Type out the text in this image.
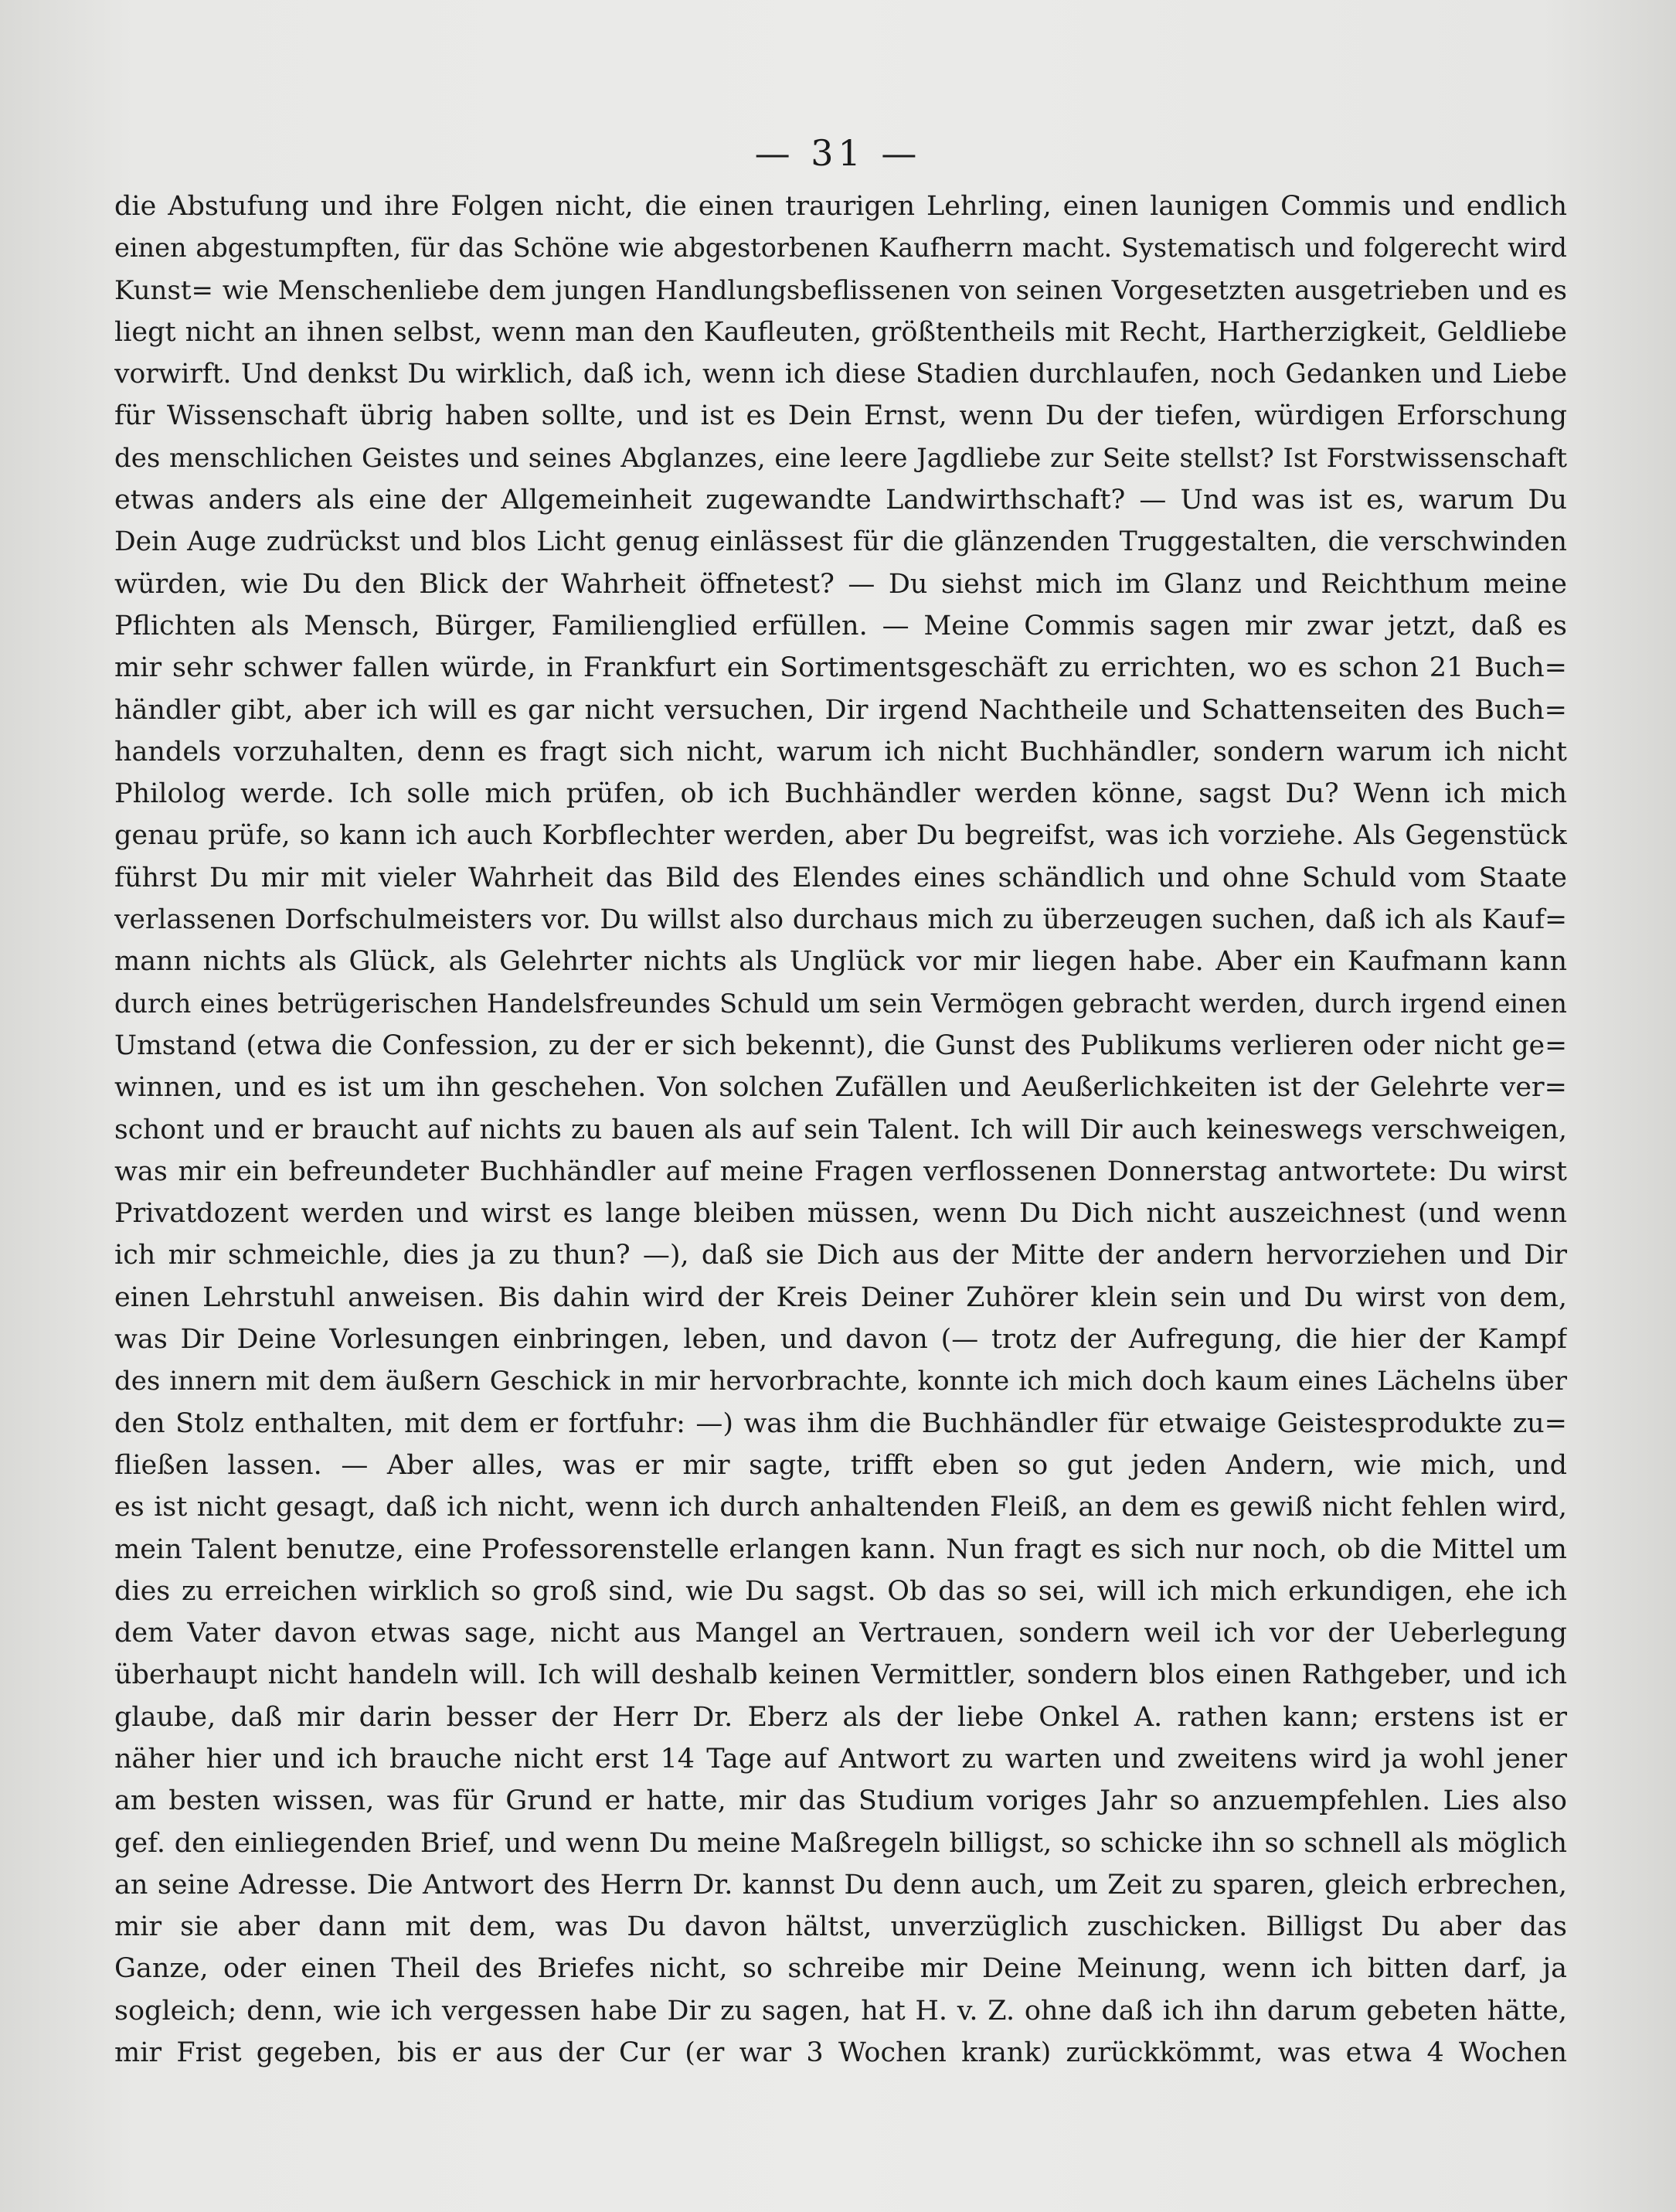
— 31 —
die Abstufung und ihre Folgen nicht, die einen traurigen Lehrling, einen launigen Commis und endlich
einen abgestumpften, für das Schöne wie abgestorbenen Kaufherrn macht. Systematisch und folgerecht wird
Kunst= wie Menschenliebe dem jungen Handlungsbeflissenen von seinen Vorgesetzten ausgetrieben und es
liegt nicht an ihnen selbst, wenn man den Kaufleuten, größtentheils mit Recht, Hartherzigkeit, Geldliebe
vorwirft. Und denkst Du wirklich, daß ich, wenn ich diese Stadien durchlaufen, noch Gedanken und Liebe
für Wissenschaft übrig haben sollte, und ist es Dein Ernst, wenn Du der tiefen, würdigen Erforschung
des menschlichen Geistes und seines Abglanzes, eine leere Jagdliebe zur Seite stellst? Ist Forstwissenschaft
etwas anders als eine der Allgemeinheit zugewandte Landwirthschaft? — Und was ist es, warum Du
Dein Auge zudrückst und blos Licht genug einlässest für die glänzenden Truggestalten, die verschwinden
würden, wie Du den Blick der Wahrheit öffnetest? — Du siehst mich im Glanz und Reichthum meine
Pflichten als Mensch, Bürger, Familienglied erfüllen. — Meine Commis sagen mir zwar jetzt, daß es
mir sehr schwer fallen würde, in Frankfurt ein Sortimentsgeschäft zu errichten, wo es schon 21 Buch=
händler gibt, aber ich will es gar nicht versuchen, Dir irgend Nachtheile und Schattenseiten des Buch=
handels vorzuhalten, denn es fragt sich nicht, warum ich nicht Buchhändler, sondern warum ich nicht
Philolog werde. Ich solle mich prüfen, ob ich Buchhändler werden könne, sagst Du? Wenn ich mich
genau prüfe, so kann ich auch Korbflechter werden, aber Du begreifst, was ich vorziehe. Als Gegenstück
führst Du mir mit vieler Wahrheit das Bild des Elendes eines schändlich und ohne Schuld vom Staate
verlassenen Dorfschulmeisters vor. Du willst also durchaus mich zu überzeugen suchen, daß ich als Kauf=
mann nichts als Glück, als Gelehrter nichts als Unglück vor mir liegen habe. Aber ein Kaufmann kann
durch eines betrügerischen Handelsfreundes Schuld um sein Vermögen gebracht werden, durch irgend einen
Umstand (etwa die Confession, zu der er sich bekennt), die Gunst des Publikums verlieren oder nicht ge=
winnen, und es ist um ihn geschehen. Von solchen Zufällen und Aeußerlichkeiten ist der Gelehrte ver=
schont und er braucht auf nichts zu bauen als auf sein Talent. Ich will Dir auch keineswegs verschweigen,
was mir ein befreundeter Buchhändler auf meine Fragen verflossenen Donnerstag antwortete: Du wirst
Privatdozent werden und wirst es lange bleiben müssen, wenn Du Dich nicht auszeichnest (und wenn
ich mir schmeichle, dies ja zu thun? —), daß sie Dich aus der Mitte der andern hervorziehen und Dir
einen Lehrstuhl anweisen. Bis dahin wird der Kreis Deiner Zuhörer klein sein und Du wirst von dem,
was Dir Deine Vorlesungen einbringen, leben, und davon (— trotz der Aufregung, die hier der Kampf
des innern mit dem äußern Geschick in mir hervorbrachte, konnte ich mich doch kaum eines Lächelns über
den Stolz enthalten, mit dem er fortfuhr: —) was ihm die Buchhändler für etwaige Geistesprodukte zu=
fließen lassen. — Aber alles, was er mir sagte, trifft eben so gut jeden Andern, wie mich, und
es ist nicht gesagt, daß ich nicht, wenn ich durch anhaltenden Fleiß, an dem es gewiß nicht fehlen wird,
mein Talent benutze, eine Professorenstelle erlangen kann. Nun fragt es sich nur noch, ob die Mittel um
dies zu erreichen wirklich so groß sind, wie Du sagst. Ob das so sei, will ich mich erkundigen, ehe ich
dem Vater davon etwas sage, nicht aus Mangel an Vertrauen, sondern weil ich vor der Ueberlegung
überhaupt nicht handeln will. Ich will deshalb keinen Vermittler, sondern blos einen Rathgeber, und ich
glaube, daß mir darin besser der Herr Dr. Eberz als der liebe Onkel A. rathen kann; erstens ist er
näher hier und ich brauche nicht erst 14 Tage auf Antwort zu warten und zweitens wird ja wohl jener
am besten wissen, was für Grund er hatte, mir das Studium voriges Jahr so anzuempfehlen. Lies also
gef. den einliegenden Brief, und wenn Du meine Maßregeln billigst, so schicke ihn so schnell als möglich
an seine Adresse. Die Antwort des Herrn Dr. kannst Du denn auch, um Zeit zu sparen, gleich erbrechen,
mir sie aber dann mit dem, was Du davon hältst, unverzüglich zuschicken. Billigst Du aber das
Ganze, oder einen Theil des Briefes nicht, so schreibe mir Deine Meinung, wenn ich bitten darf, ja
sogleich; denn, wie ich vergessen habe Dir zu sagen, hat H. v. Z. ohne daß ich ihn darum gebeten hätte,
mir Frist gegeben, bis er aus der Cur (er war 3 Wochen krank) zurückkömmt, was etwa 4 Wochen
